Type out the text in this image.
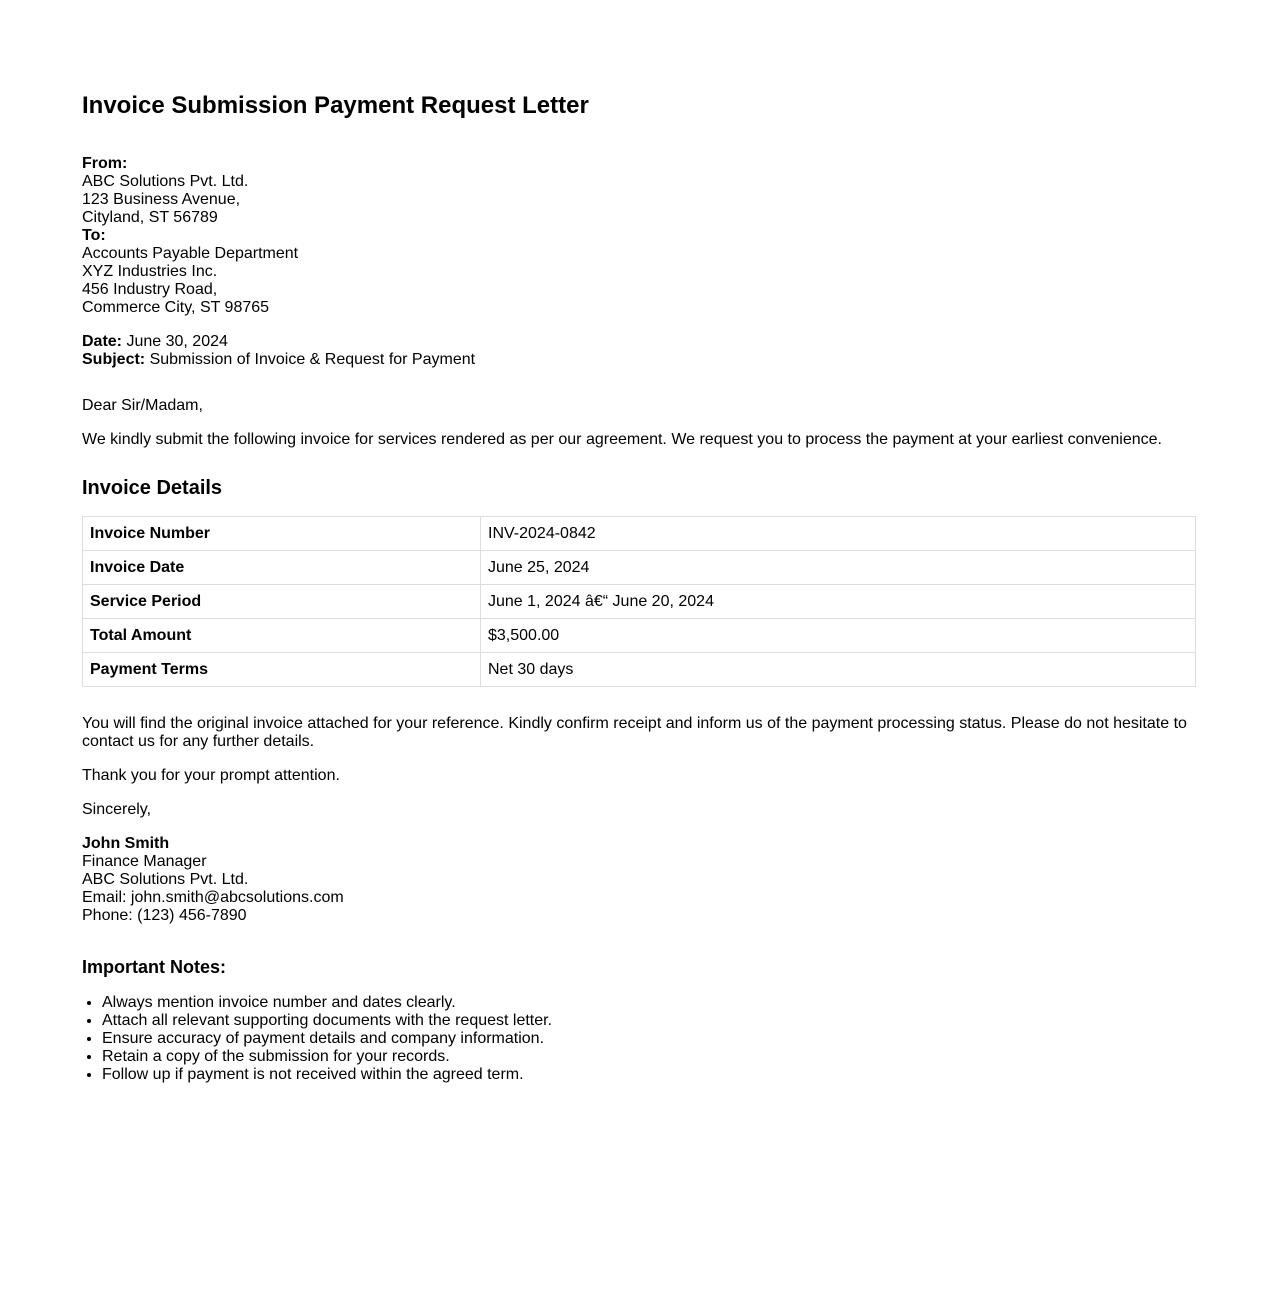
Invoice Submission Payment Request Letter
From:
ABC Solutions Pvt. Ltd.
123 Business Avenue,
Cityland, ST 56789
To:
Accounts Payable Department
XYZ Industries Inc.
456 Industry Road,
Commerce City, ST 98765
Date: June 30, 2024
Subject: Submission of Invoice & Request for Payment

Dear Sir/Madam,

We kindly submit the following invoice for services rendered as per our agreement. We request you to process the payment at your earliest convenience.

Invoice Details
Invoice Number	INV-2024-0842
Invoice Date	June 25, 2024
Service Period	June 1, 2024 â€“ June 20, 2024
Total Amount	$3,500.00
Payment Terms	Net 30 days

You will find the original invoice attached for your reference. Kindly confirm receipt and inform us of the payment processing status. Please do not hesitate to contact us for any further details.

Thank you for your prompt attention.

Sincerely,

John Smith
Finance Manager
ABC Solutions Pvt. Ltd.
Email: john.smith@abcsolutions.com
Phone: (123) 456-7890
Important Notes:
• Always mention invoice number and dates clearly.
• Attach all relevant supporting documents with the request letter.
• Ensure accuracy of payment details and company information.
• Retain a copy of the submission for your records.
• Follow up if payment is not received within the agreed term.
